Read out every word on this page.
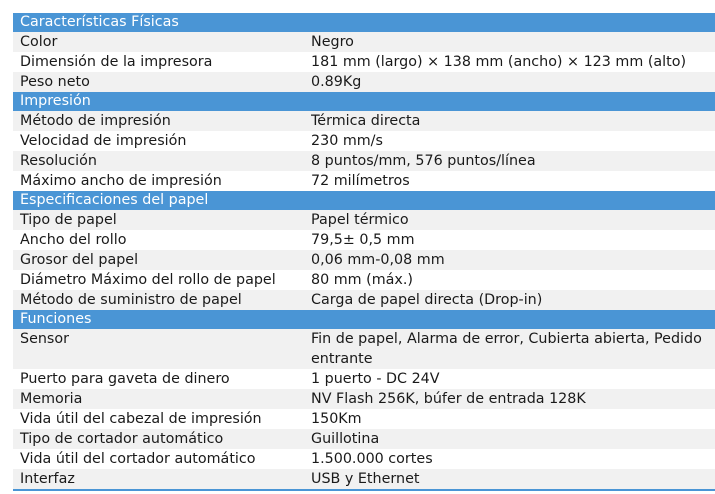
Características Físicas
Color	Negro
Dimensión de la impresora	181 mm (largo) × 138 mm (ancho) × 123 mm (alto)
Peso neto	0.89Kg
Impresión
Método de impresión	Térmica directa
Velocidad de impresión	230 mm/s
Resolución	8 puntos/mm, 576 puntos/línea
Máximo ancho de impresión	72 milímetros
Especificaciones del papel
Tipo de papel	Papel térmico
Ancho del rollo	79,5± 0,5 mm
Grosor del papel	0,06 mm-0,08 mm
Diámetro Máximo del rollo de papel	80 mm (máx.)
Método de suministro de papel	Carga de papel directa (Drop-in)
Funciones
Sensor	Fin de papel, Alarma de error, Cubierta abierta, Pedido entrante
Puerto para gaveta de dinero	1 puerto - DC 24V
Memoria	NV Flash 256K, búfer de entrada 128K
Vida útil del cabezal de impresión	150Km
Tipo de cortador automático	Guillotina
Vida útil del cortador automático	1.500.000 cortes
Interfaz	USB y Ethernet
